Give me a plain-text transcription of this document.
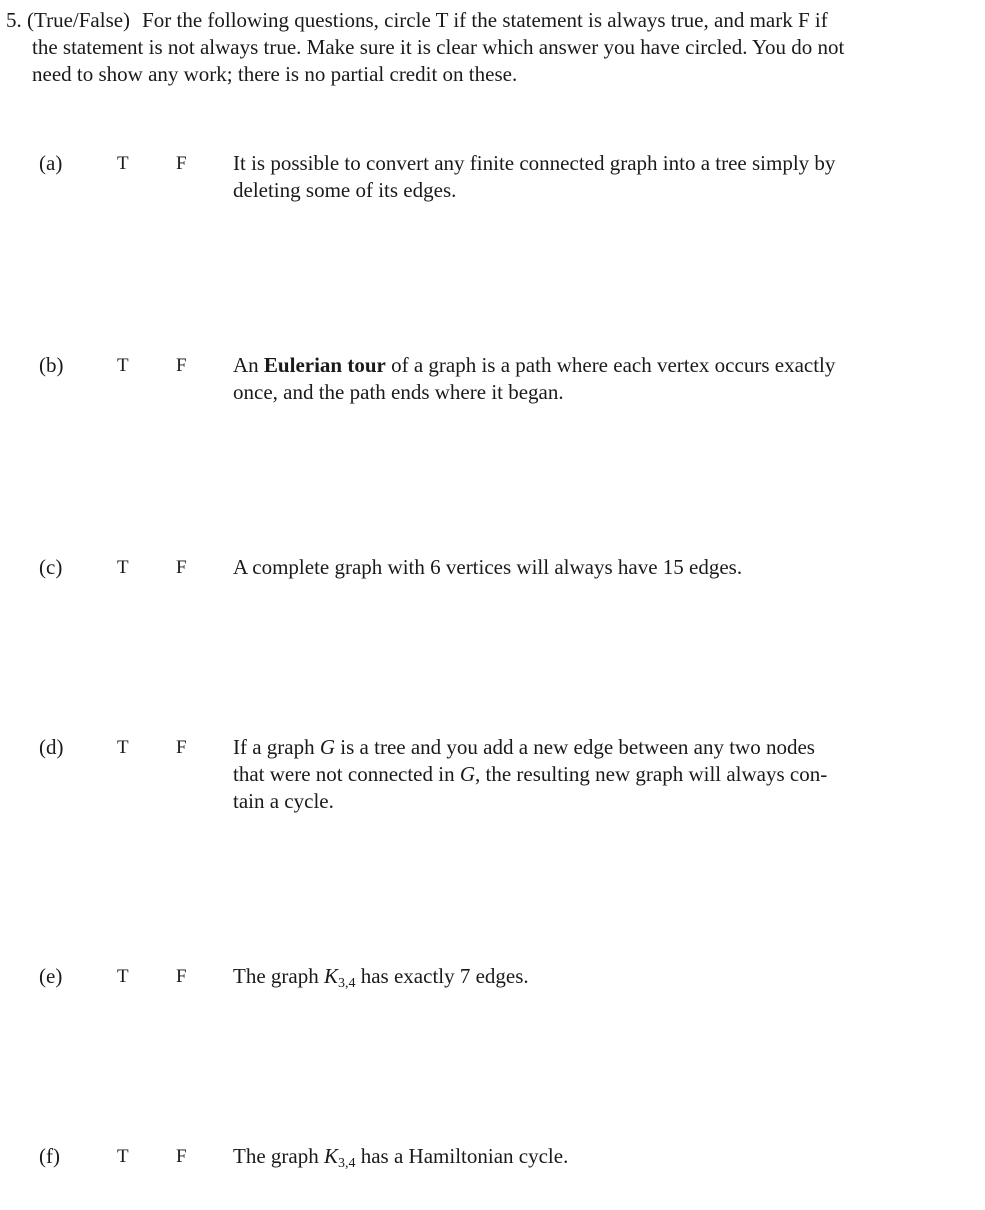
5. (True/False) For the following questions, circle T if the statement is always true, and mark F if
the statement is not always true. Make sure it is clear which answer you have circled. You do not
need to show any work; there is no partial credit on these.
(a)	T F It is possible to convert any finite connected graph into a tree simply by
deleting some of its edges.
(b)	T F An Eulerian tour of a graph is a path where each vertex occurs exactly
once, and the path ends where it began.
(c)	T F A complete graph with 6 vertices will always have 15 edges.
(d)	T F If a graph G is a tree and you add a new edge between any two nodes
that were not connected in G, the resulting new graph will always con-
tain a cycle.
(e)	T F The graph $K_{3,4}$ has exactly 7 edges.
(f)	T F The graph $K_{3,4}$ has a Hamiltonian cycle.
